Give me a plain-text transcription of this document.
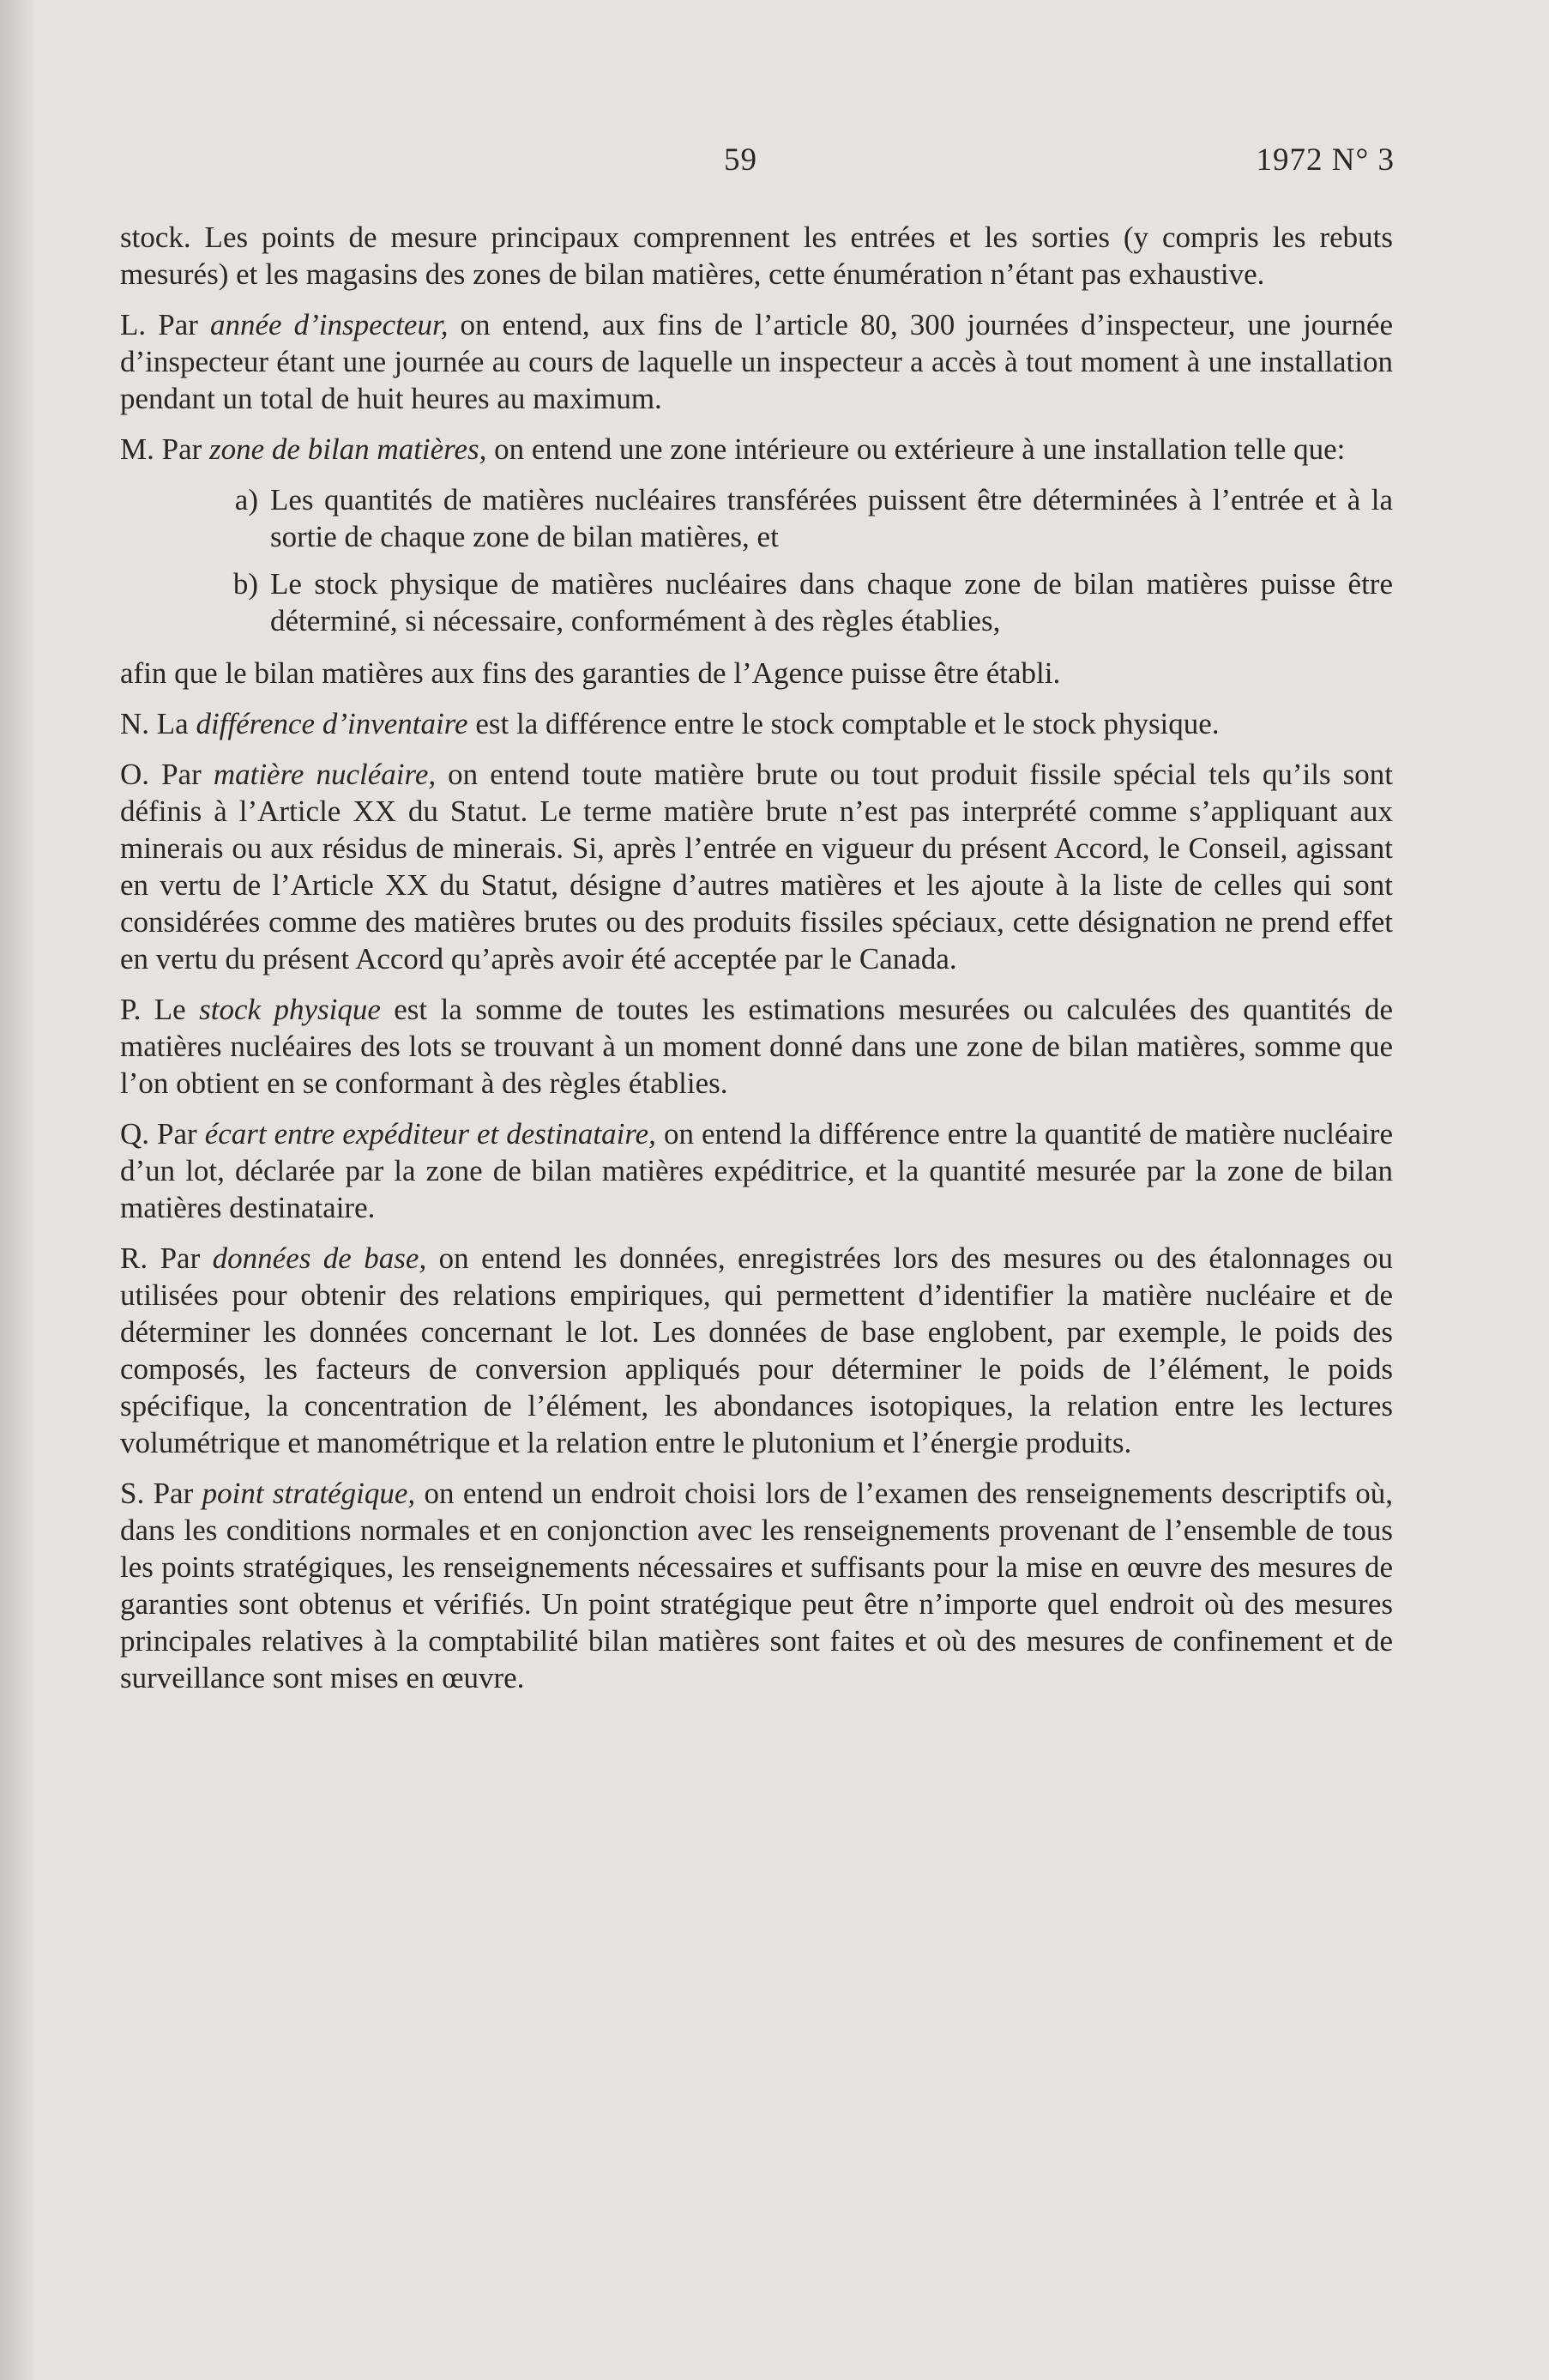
59	1972 N° 3

stock. Les points de mesure principaux comprennent les entrées et les sorties (y compris les rebuts mesurés) et les magasins des zones de bilan matières, cette énumération n’étant pas exhaustive.

L. Par année d’inspecteur, on entend, aux fins de l’article 80, 300 journées d’inspecteur, une journée d’inspecteur étant une journée au cours de laquelle un inspecteur a accès à tout moment à une installation pendant un total de huit heures au maximum.

M. Par zone de bilan matières, on entend une zone intérieure ou extérieure à une installation telle que:

a) Les quantités de matières nucléaires transférées puissent être déterminées à l’entrée et à la sortie de chaque zone de bilan matières, et
b) Le stock physique de matières nucléaires dans chaque zone de bilan matières puisse être déterminé, si nécessaire, conformément à des règles établies,

afin que le bilan matières aux fins des garanties de l’Agence puisse être établi.

N. La différence d’inventaire est la différence entre le stock comptable et le stock physique.

O. Par matière nucléaire, on entend toute matière brute ou tout produit fissile spécial tels qu’ils sont définis à l’Article XX du Statut. Le terme matière brute n’est pas interprété comme s’appliquant aux minerais ou aux résidus de minerais. Si, après l’entrée en vigueur du présent Accord, le Conseil, agissant en vertu de l’Article XX du Statut, désigne d’autres matières et les ajoute à la liste de celles qui sont considérées comme des matières brutes ou des produits fissiles spéciaux, cette désignation ne prend effet en vertu du présent Accord qu’après avoir été acceptée par le Canada.

P. Le stock physique est la somme de toutes les estimations mesurées ou calculées des quantités de matières nucléaires des lots se trouvant à un moment donné dans une zone de bilan matières, somme que l’on obtient en se conformant à des règles établies.

Q. Par écart entre expéditeur et destinataire, on entend la différence entre la quantité de matière nucléaire d’un lot, déclarée par la zone de bilan matières expéditrice, et la quantité mesurée par la zone de bilan matières destinataire.

R. Par données de base, on entend les données, enregistrées lors des mesures ou des étalonnages ou utilisées pour obtenir des relations empiriques, qui permettent d’identifier la matière nucléaire et de déterminer les données concernant le lot. Les données de base englobent, par exemple, le poids des composés, les facteurs de conversion appliqués pour déterminer le poids de l’élément, le poids spécifique, la concentration de l’élément, les abondances isotopiques, la relation entre les lectures volumétrique et manométrique et la relation entre le plutonium et l’énergie produits.

S. Par point stratégique, on entend un endroit choisi lors de l’examen des renseignements descriptifs où, dans les conditions normales et en conjonction avec les renseignements provenant de l’ensemble de tous les points stratégiques, les renseignements nécessaires et suffisants pour la mise en œuvre des mesures de garanties sont obtenus et vérifiés. Un point stratégique peut être n’importe quel endroit où des mesures principales relatives à la comptabilité bilan matières sont faites et où des mesures de confinement et de surveillance sont mises en œuvre.
